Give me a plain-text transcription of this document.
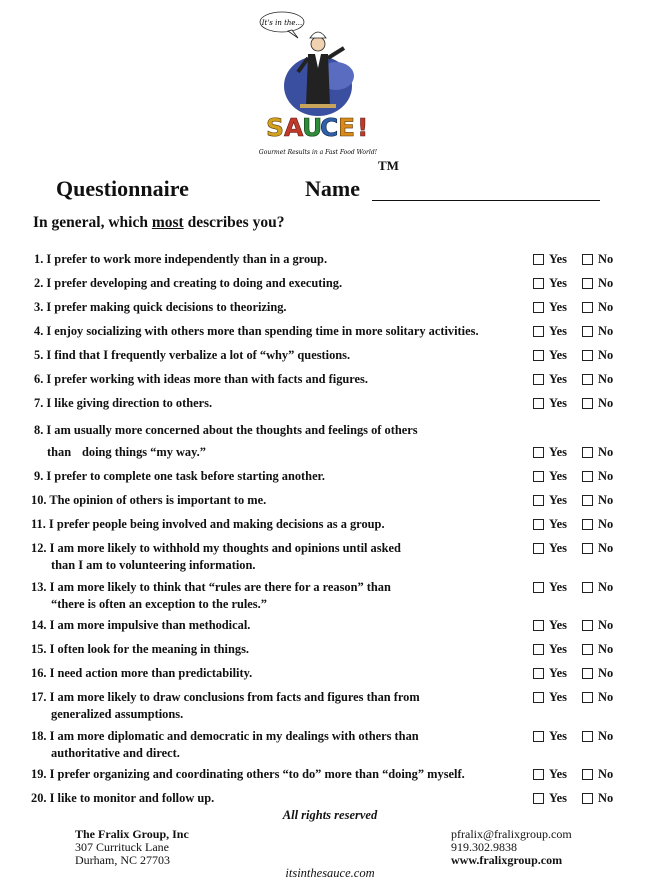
It's in the...
S A
U
C E !
Gourmet Results in a Fast Food World!
TM
Questionnaire	Name
In general, which most describes you?
1. I prefer to work more independently than in a group.	Yes	No
2. I prefer developing and creating to doing and executing.	Yes	No
3. I prefer making quick decisions to theorizing.	Yes	No
4. I enjoy socializing with others more than spending time in more solitary activities.	Yes	No
5. I find that I frequently verbalize a lot of “why” questions.	Yes	No
6. I prefer working with ideas more than with facts and figures.	Yes	No
7. I like giving direction to others.	Yes	No
8. I am usually more concerned about the thoughts and feelings of others
doing things “my way.”
than	Yes	No
9. I prefer to complete one task before starting another.	Yes	No
10. The opinion of others is important to me.	Yes	No
11. I prefer people being involved and making decisions as a group.	Yes	No
12. I am more likely to withhold my thoughts and opinions until asked
than I am to volunteering information.
Yes	No
13. I am more likely to think that “rules are there for a reason” than
“there is often an exception to the rules.”
Yes	No
14. I am more impulsive than methodical.	Yes	No
15. I often look for the meaning in things.	Yes	No
16. I need action more than predictability.	Yes	No
17. I am more likely to draw conclusions from facts and figures than from
generalized assumptions.
Yes	No
18. I am more diplomatic and democratic in my dealings with others than
authoritative and direct.
Yes	No
19. I prefer organizing and coordinating others “to do” more than “doing” myself.	Yes	No
20. I like to monitor and follow up.	Yes	No
All rights reserved
The Fralix Group, Inc
307 Currituck Lane
Durham, NC 27703
pfralix@fralixgroup.com
919.302.9838
www.fralixgroup.com
itsinthesauce.com
